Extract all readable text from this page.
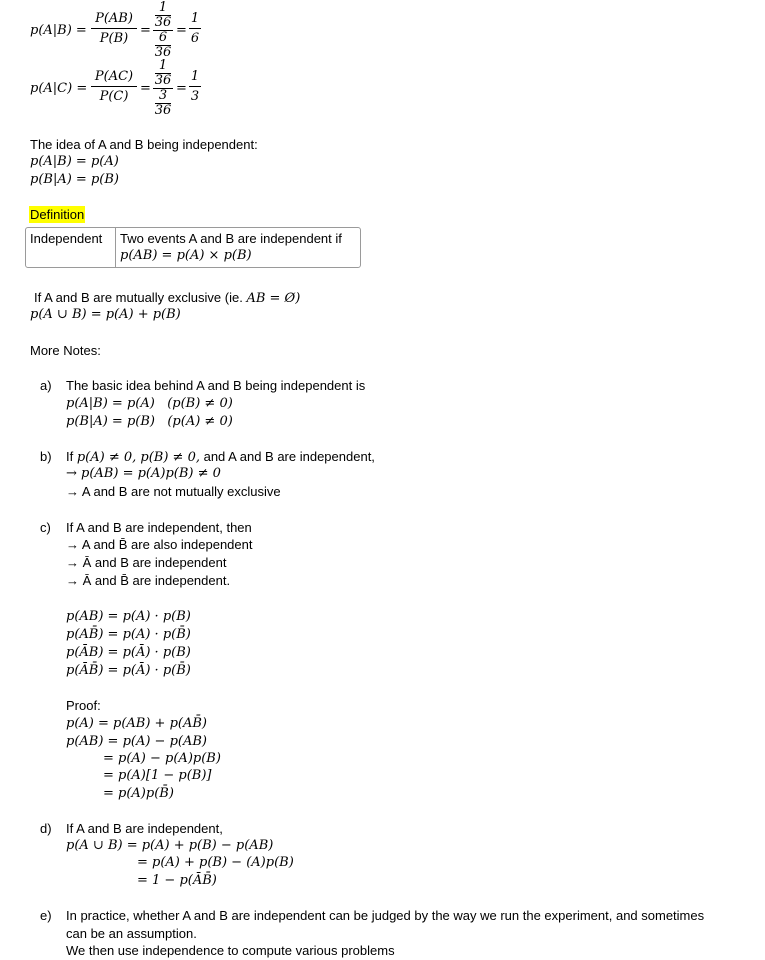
p(A|B) =
P(AB)
P(B)
=
1
36
6
36
=
1
6
p(A|C) =
P(AC)
P(C)
=
1
36
3
36
=
1
3
The idea of A and B being independent:
p(A|B) = p(A)
p(B|A) = p(B)
Definition
Independent Two events A and B are independent if
p(AB) = p(A) × p(B)
If A and B are mutually exclusive (ie. AB = Ø)
p(A ∪ B) = p(A) + p(B)
More Notes:
a) The basic idea behind A and B being independent is
p(A|B) = p(A)   (p(B) ≠ 0)
p(B|A) = p(B)   (p(A) ≠ 0)
b) If p(A) ≠ 0, p(B) ≠ 0, and A and B are independent,
→ p(AB) = p(A)p(B) ≠ 0
→ A and B are not mutually exclusive
c) If A and B are independent, then
→ A and B̄ are also independent
→ Ā and B are independent
→ Ā and B̄ are independent.
p(AB) = p(A) · p(B)
p(AB̄) = p(A) · p(B̄)
p(ĀB) = p(Ā) · p(B)
p(ĀB̄) = p(Ā) · p(B̄)
Proof:
p(A) = p(AB) + p(AB̄)
p(AB) = p(A) − p(AB)
= p(A) − p(A)p(B)
= p(A)[1 − p(B)]
= p(A)p(B̄)
d) If A and B are independent,
p(A ∪ B) = p(A) + p(B) − p(AB)
= p(A) + p(B) − (A)p(B)
= 1 − p(ĀB̄)
e) In practice, whether A and B are independent can be judged by the way we run the experiment, and sometimes
can be an assumption.
We then use independence to compute various problems
